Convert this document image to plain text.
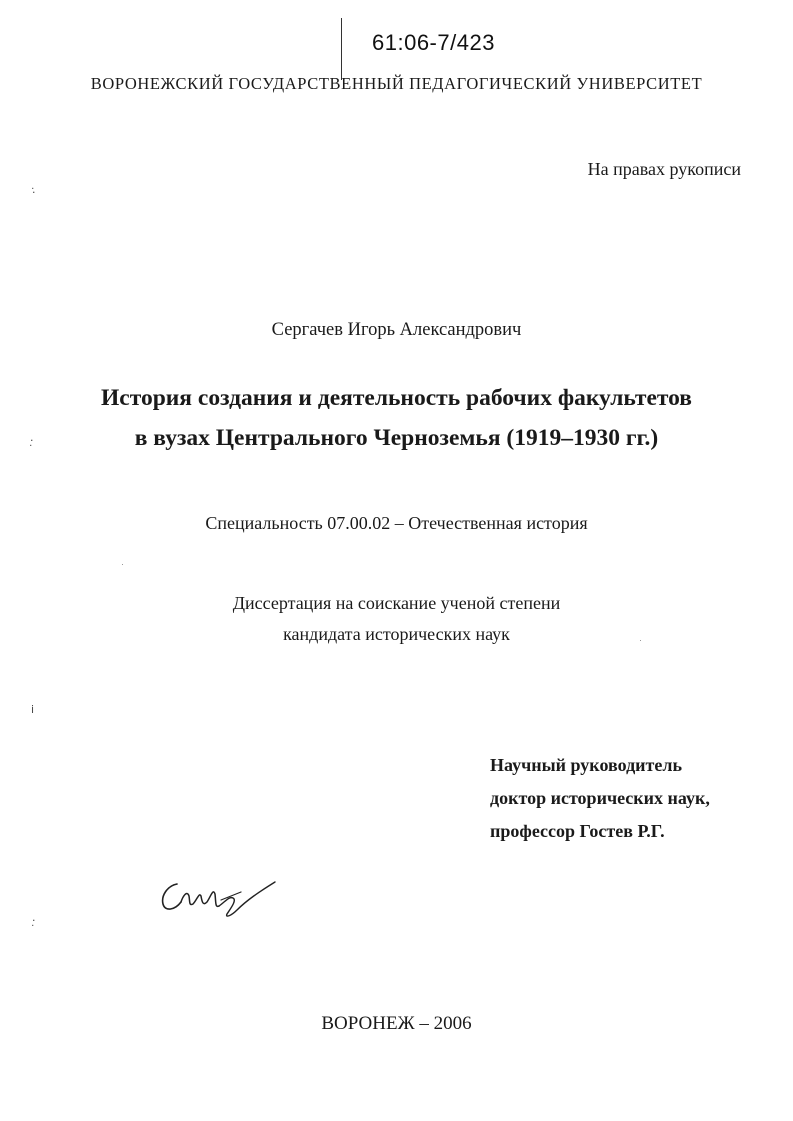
61:06-7/423
ВОРОНЕЖСКИЙ ГОСУДАРСТВЕННЫЙ ПЕДАГОГИЧЕСКИЙ УНИВЕРСИТЕТ
На правах рукописи
Сергачев Игорь Александрович
История создания и деятельность рабочих факультетов
в вузах Центрального Черноземья (1919–1930 гг.)
Специальность 07.00.02 – Отечественная история
Диссертация на соискание ученой степени
кандидата исторических наук
Научный руководитель
доктор исторических наук,
профессор Гостев Р.Г.
ВОРОНЕЖ – 2006
·̇
·̣
ⅰ
·̣
